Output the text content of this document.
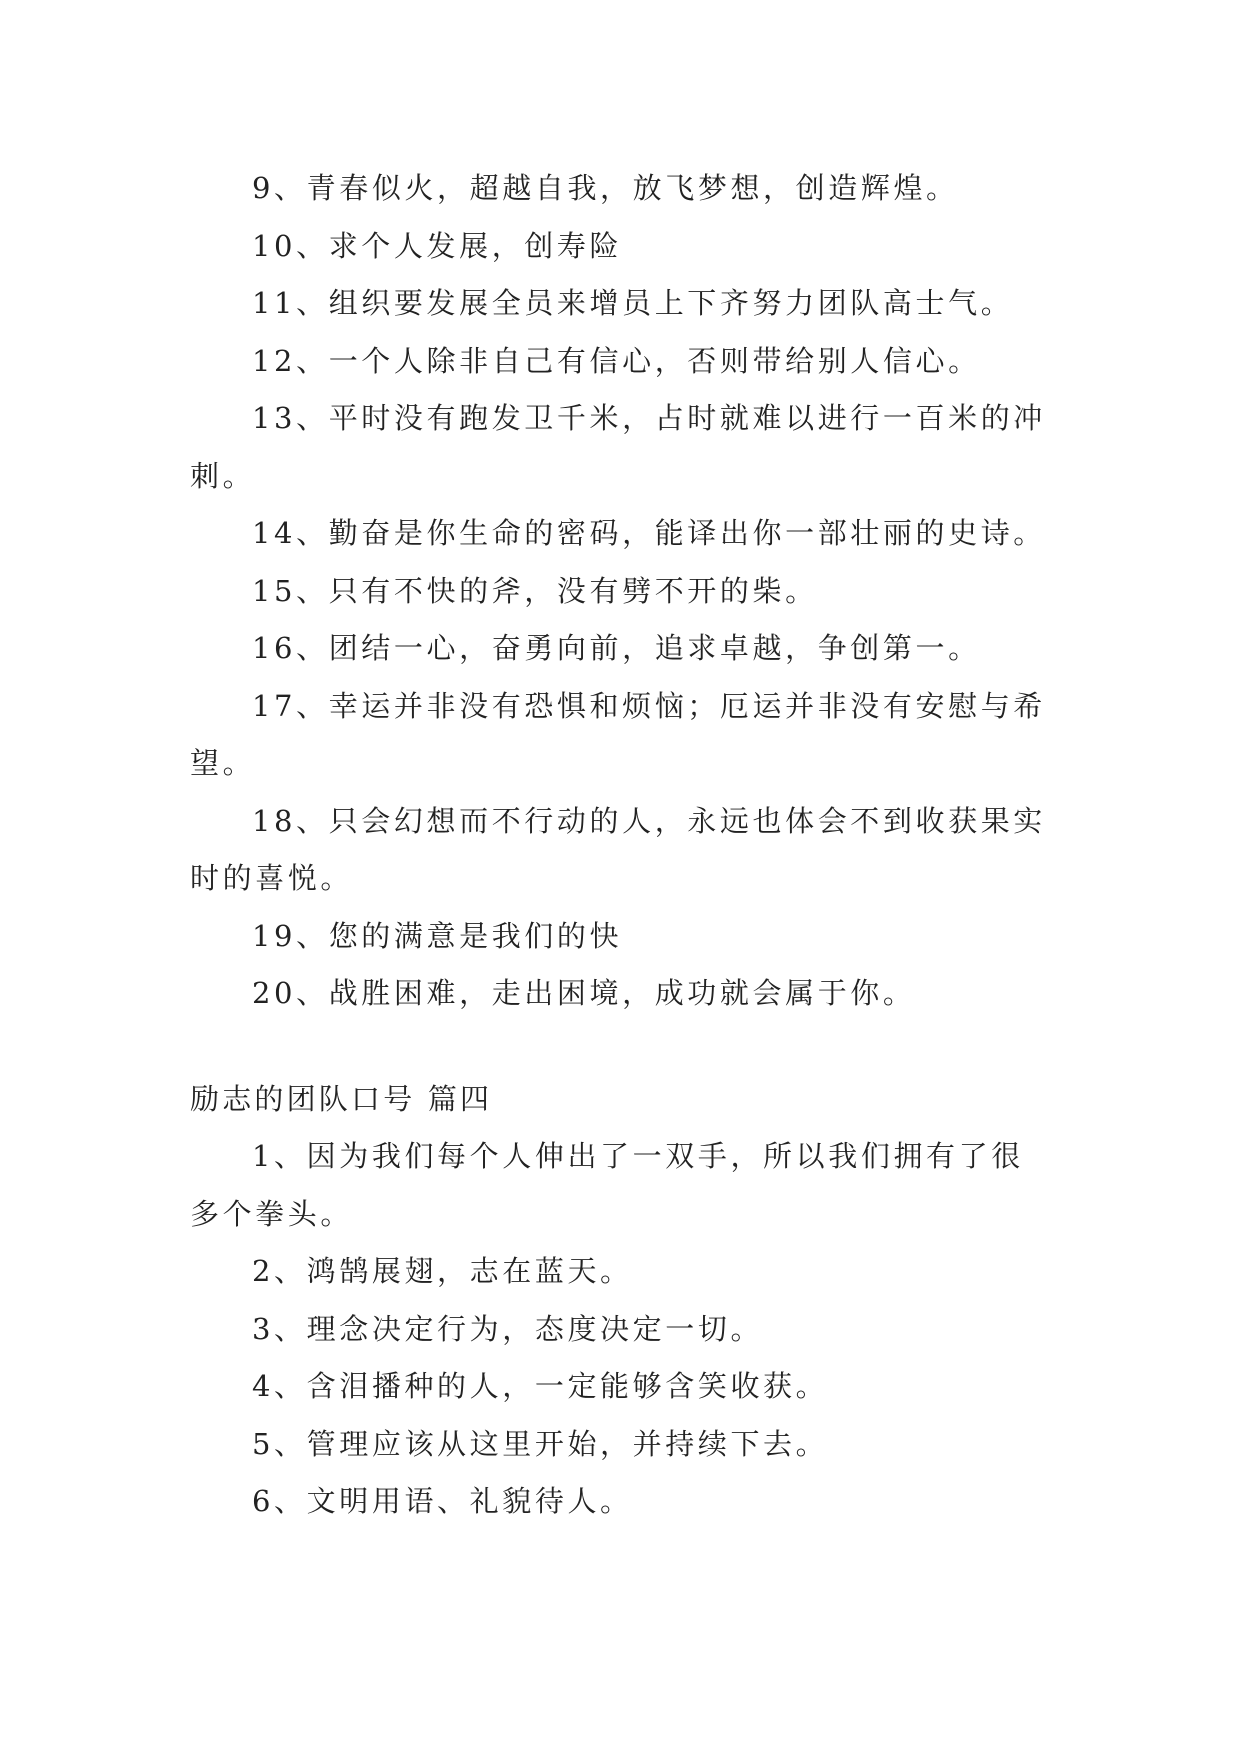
9、青春似火，超越自我，放飞梦想，创造辉煌。

10、求个人发展，创寿险

11、组织要发展全员来增员上下齐努力团队高士气。

12、一个人除非自己有信心，否则带给别人信心。

13、平时没有跑发卫千米，占时就难以进行一百米的冲刺。

14、勤奋是你生命的密码，能译出你一部壮丽的史诗。

15、只有不快的斧，没有劈不开的柴。

16、团结一心，奋勇向前，追求卓越，争创第一。

17、幸运并非没有恐惧和烦恼；厄运并非没有安慰与希望。

18、只会幻想而不行动的人，永远也体会不到收获果实时的喜悦。

19、您的满意是我们的快

20、战胜困难，走出困境，成功就会属于你。

励志的团队口号 篇四

1、因为我们每个人伸出了一双手，所以我们拥有了很多个拳头。

2、鸿鹄展翅，志在蓝天。

3、理念决定行为，态度决定一切。

4、含泪播种的人，一定能够含笑收获。

5、管理应该从这里开始，并持续下去。

6、文明用语、礼貌待人。
